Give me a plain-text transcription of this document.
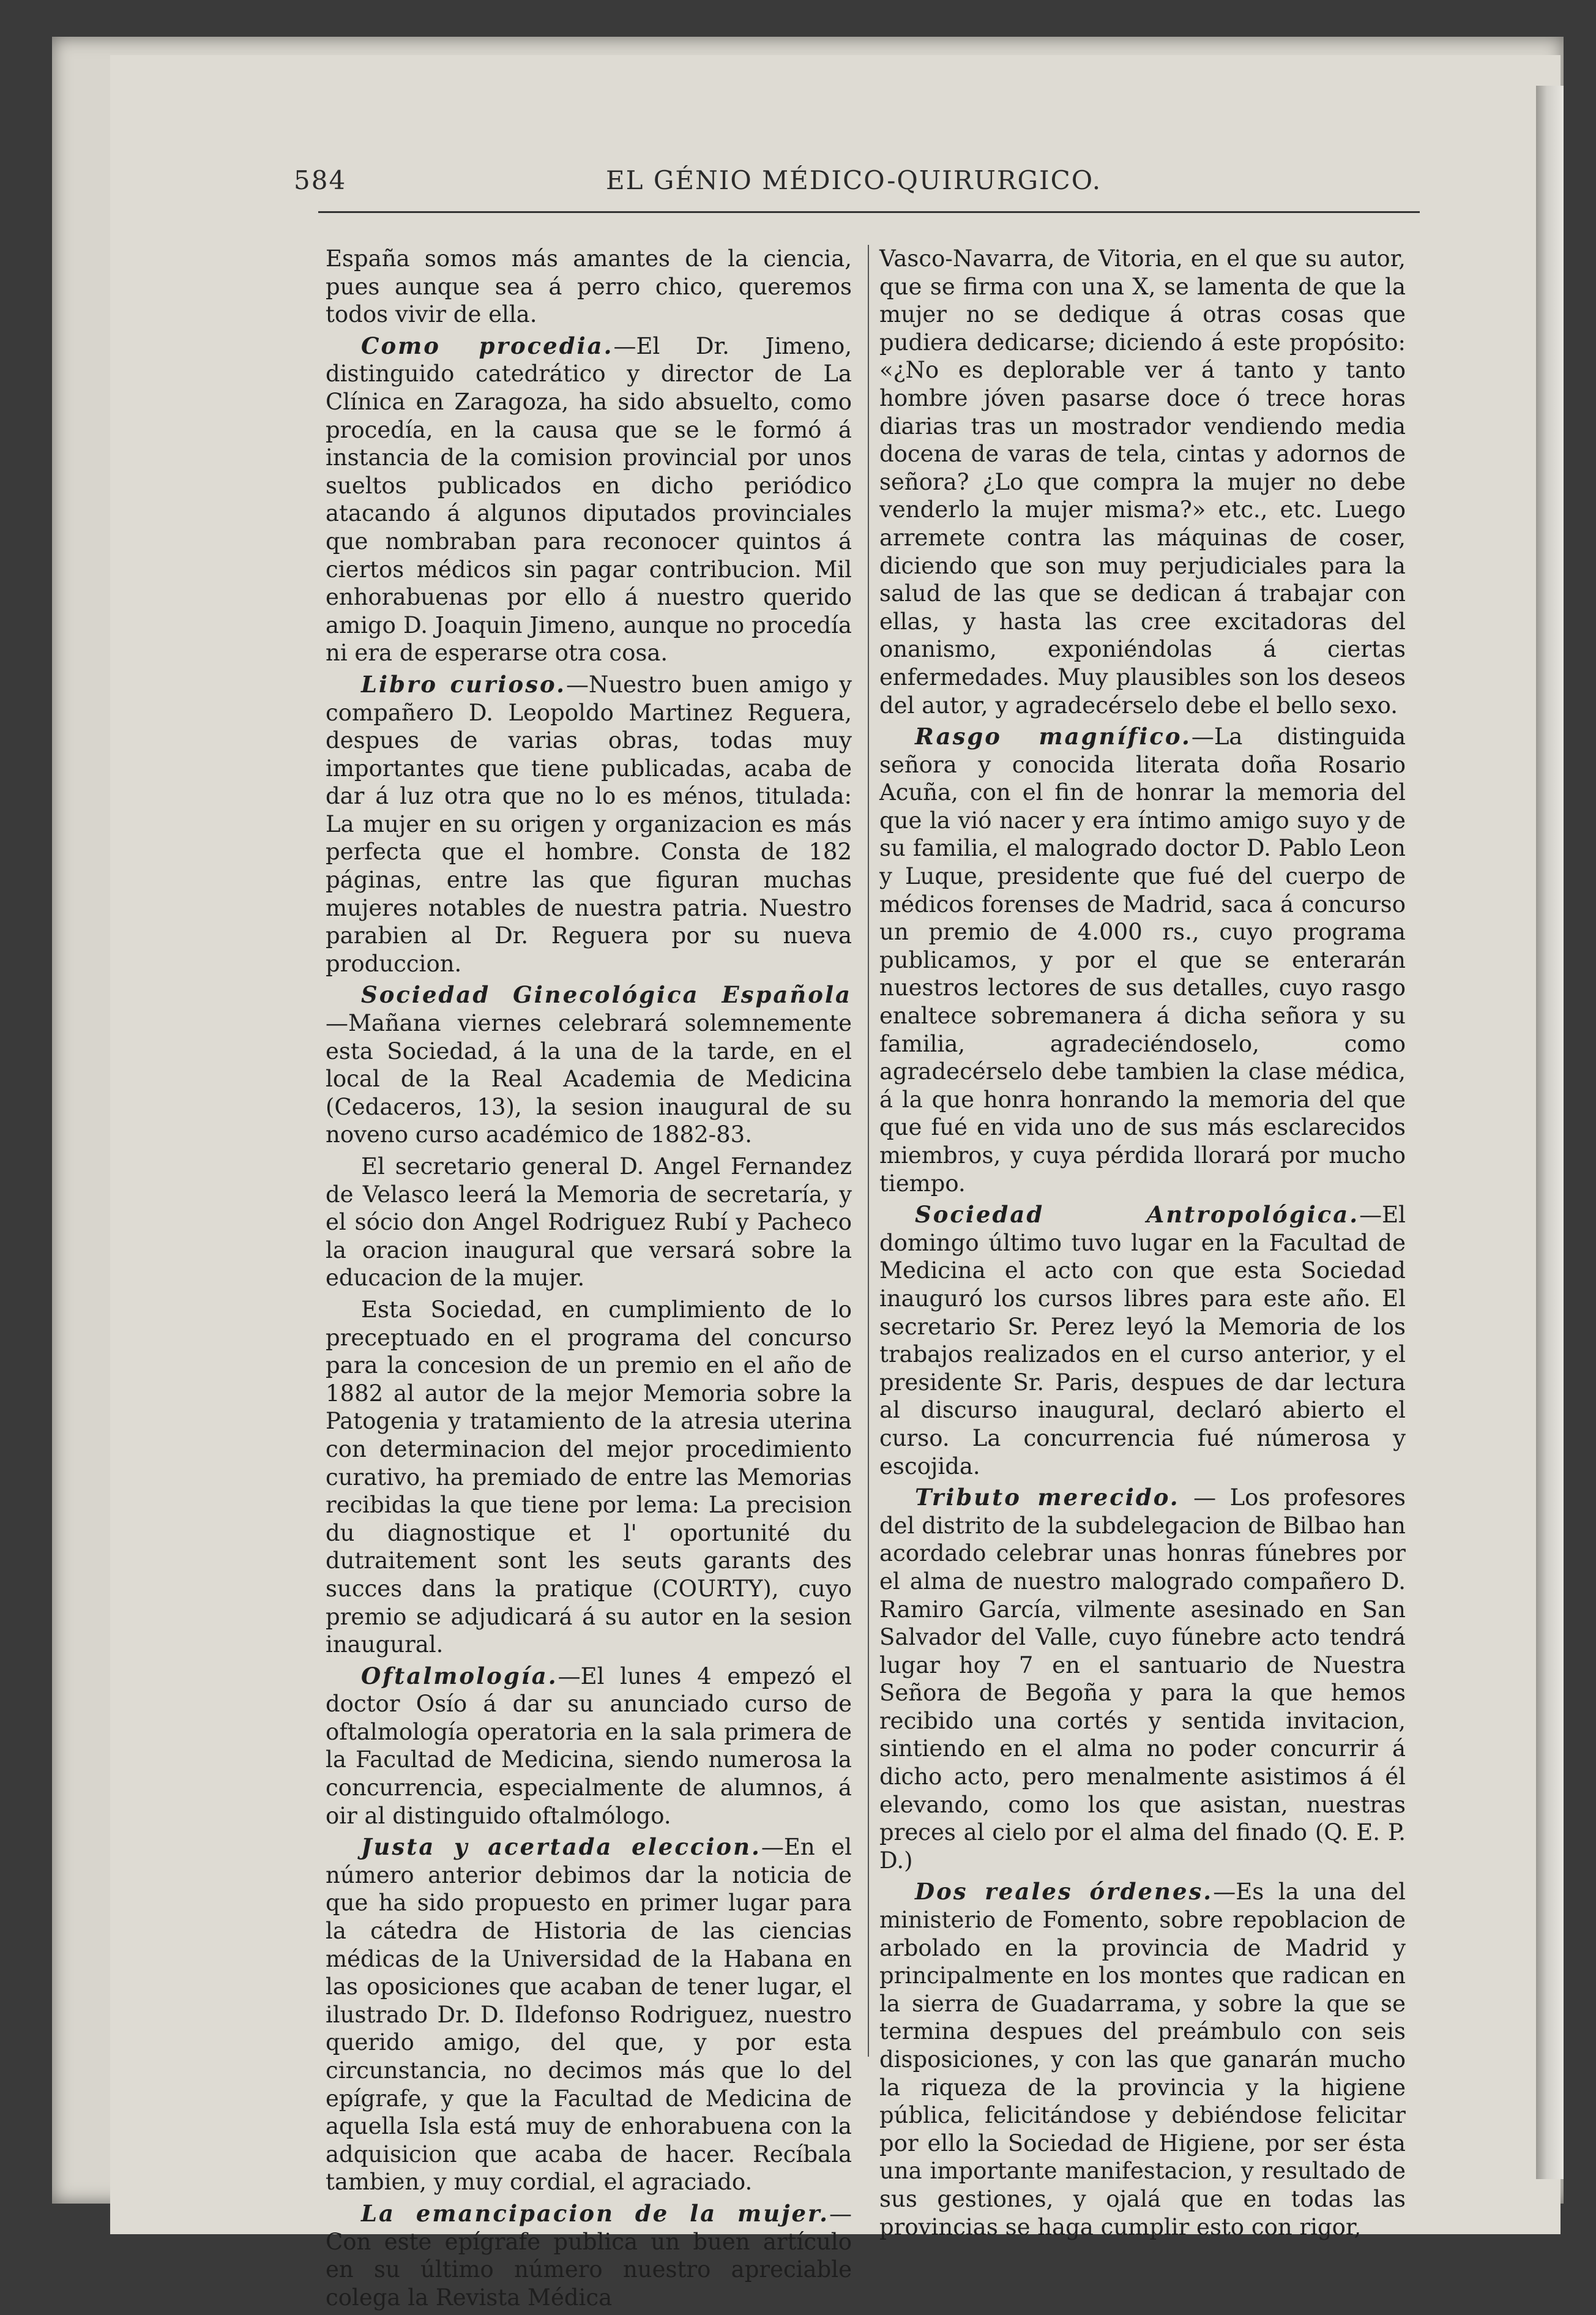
584	EL GÉNIO MÉDICO-QUIRURGICO.

España somos más amantes de la ciencia, pues aunque sea á perro chico, queremos todos vivir de ella.

Como procedia.—El Dr. Jimeno, distinguido catedrático y director de La Clínica en Zaragoza, ha sido absuelto, como procedía, en la causa que se le formó á instancia de la comision provincial por unos sueltos publicados en dicho periódico atacando á algunos diputados provinciales que nombraban para reconocer quintos á ciertos médicos sin pagar contribucion. Mil enhorabuenas por ello á nuestro querido amigo D. Joaquin Jimeno, aunque no procedía ni era de esperarse otra cosa.

Libro curioso.—Nuestro buen amigo y compañero D. Leopoldo Martinez Reguera, despues de varias obras, todas muy importantes que tiene publicadas, acaba de dar á luz otra que no lo es ménos, titulada: La mujer en su origen y organizacion es más perfecta que el hombre. Consta de 182 páginas, entre las que figuran muchas mujeres notables de nuestra patria. Nuestro parabien al Dr. Reguera por su nueva produccion.

Sociedad Ginecológica Española —Mañana viernes celebrará solemnemente esta Sociedad, á la una de la tarde, en el local de la Real Academia de Medicina (Cedaceros, 13), la sesion inaugural de su noveno curso académico de 1882-83.

El secretario general D. Angel Fernandez de Velasco leerá la Memoria de secretaría, y el sócio don Angel Rodriguez Rubí y Pacheco la oracion inaugural que versará sobre la educacion de la mujer.

Esta Sociedad, en cumplimiento de lo preceptuado en el programa del concurso para la concesion de un premio en el año de 1882 al autor de la mejor Memoria sobre la Patogenia y tratamiento de la atresia uterina con determinacion del mejor procedimiento curativo, ha premiado de entre las Memorias recibidas la que tiene por lema: La precision du diagnostique et l' oportunité du dutraitement sont les seuts garants des succes dans la pratique (COURTY), cuyo premio se adjudicará á su autor en la sesion inaugural.

Oftalmología.—El lunes 4 empezó el doctor Osío á dar su anunciado curso de oftalmología operatoria en la sala primera de la Facultad de Medicina, siendo numerosa la concurrencia, especialmente de alumnos, á oir al distinguido oftalmólogo.

Justa y acertada eleccion.—En el número anterior debimos dar la noticia de que ha sido propuesto en primer lugar para la cátedra de Historia de las ciencias médicas de la Universidad de la Habana en las oposiciones que acaban de tener lugar, el ilustrado Dr. D. Ildefonso Rodriguez, nuestro querido amigo, del que, y por esta circunstancia, no decimos más que lo del epígrafe, y que la Facultad de Medicina de aquella Isla está muy de enhorabuena con la adquisicion que acaba de hacer. Recíbala tambien, y muy cordial, el agraciado.

La emancipacion de la mujer.—Con este epígrafe publica un buen artículo en su último número nuestro apreciable colega la Revista Médica

Vasco-Navarra, de Vitoria, en el que su autor, que se firma con una X, se lamenta de que la mujer no se dedique á otras cosas que pudiera dedicarse; diciendo á este propósito: «¿No es deplorable ver á tanto y tanto hombre jóven pasarse doce ó trece horas diarias tras un mostrador vendiendo media docena de varas de tela, cintas y adornos de señora? ¿Lo que compra la mujer no debe venderlo la mujer misma?» etc., etc. Luego arremete contra las máquinas de coser, diciendo que son muy perjudiciales para la salud de las que se dedican á trabajar con ellas, y hasta las cree excitadoras del onanismo, exponiéndolas á ciertas enfermedades. Muy plausibles son los deseos del autor, y agradecérselo debe el bello sexo.

Rasgo magnífico.—La distinguida señora y conocida literata doña Rosario Acuña, con el fin de honrar la memoria del que la vió nacer y era íntimo amigo suyo y de su familia, el malogrado doctor D. Pablo Leon y Luque, presidente que fué del cuerpo de médicos forenses de Madrid, saca á concurso un premio de 4.000 rs., cuyo programa publicamos, y por el que se enterarán nuestros lectores de sus detalles, cuyo rasgo enaltece sobremanera á dicha señora y su familia, agradeciéndoselo, como agradecérselo debe tambien la clase médica, á la que honra honrando la memoria del que que fué en vida uno de sus más esclarecidos miembros, y cuya pérdida llorará por mucho tiempo.

Sociedad Antropológica.—El domingo último tuvo lugar en la Facultad de Medicina el acto con que esta Sociedad inauguró los cursos libres para este año. El secretario Sr. Perez leyó la Memoria de los trabajos realizados en el curso anterior, y el presidente Sr. Paris, despues de dar lectura al discurso inaugural, declaró abierto el curso. La concurrencia fué númerosa y escojida.

Tributo merecido. — Los profesores del distrito de la subdelegacion de Bilbao han acordado celebrar unas honras fúnebres por el alma de nuestro malogrado compañero D. Ramiro García, vilmente asesinado en San Salvador del Valle, cuyo fúnebre acto tendrá lugar hoy 7 en el santuario de Nuestra Señora de Begoña y para la que hemos recibido una cortés y sentida invitacion, sintiendo en el alma no poder concurrir á dicho acto, pero menalmente asistimos á él elevando, como los que asistan, nuestras preces al cielo por el alma del finado (Q. E. P. D.)

Dos reales órdenes.—Es la una del ministerio de Fomento, sobre repoblacion de arbolado en la provincia de Madrid y principalmente en los montes que radican en la sierra de Guadarrama, y sobre la que se termina despues del preámbulo con seis disposiciones, y con las que ganarán mucho la riqueza de la provincia y la higiene pública, felicitándose y debiéndose felicitar por ello la Sociedad de Higiene, por ser ésta una importante manifestacion, y resultado de sus gestiones, y ojalá que en todas las provincias se haga cumplir esto con rigor,
